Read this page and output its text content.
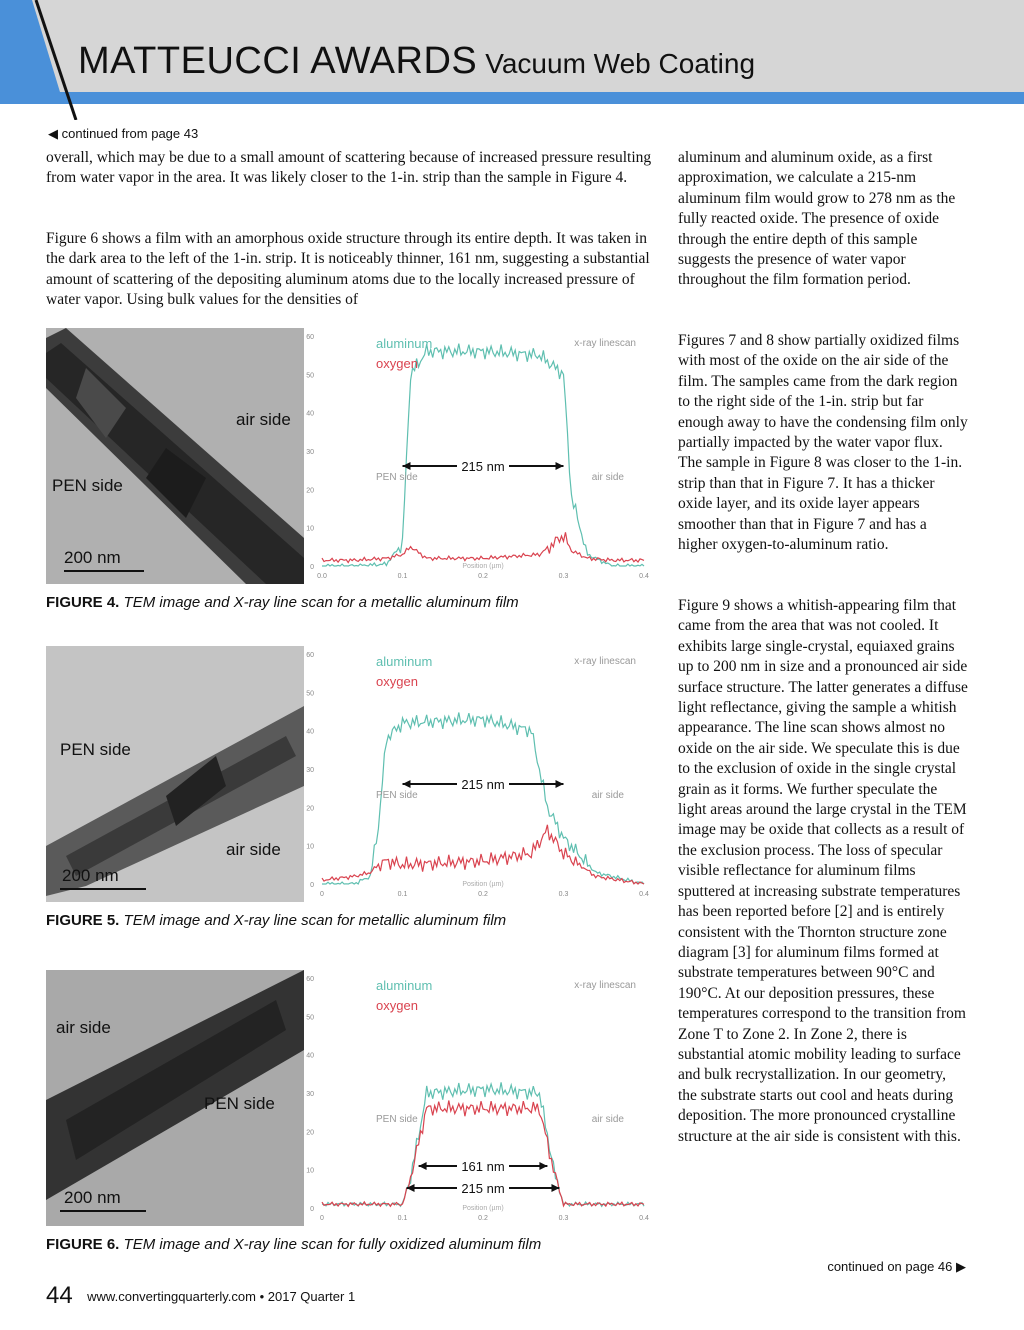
MATTEUCCI AWARDS Vacuum Web Coating
◀ continued from page 43
overall, which may be due to a small amount of scattering because of increased pressure resulting from water vapor in the area. It was likely closer to the 1-in. strip than the sample in Figure 4.
Figure 6 shows a film with an amorphous oxide structure through its entire depth. It was taken in the dark area to the left of the 1-in. strip. It is noticeably thinner, 161 nm, suggesting a substantial amount of scattering of the depositing aluminum atoms due to the locally increased pressure of water vapor. Using bulk values for the densities of
air side
PEN side
200 nm
0
10
20
30
40
50
60
0.0	0.1	0.2	0.3	0.4
Position (µm)
aluminum
oxygen
x-ray linescan
PEN side	air side
215 nm
FIGURE 4. TEM image and X-ray line scan for a metallic aluminum film
PEN side
air side
200 nm
0
10
20
30
40
50
60
0	0.1	0.2	0.3	0.4
Position (µm)
aluminum
oxygen
x-ray linescan
PEN side	air side
215 nm
FIGURE 5. TEM image and X-ray line scan for metallic aluminum film
air side
PEN side
200 nm
0
10
20
30
40
50
60
0	0.1	0.2	0.3	0.4
Position (µm)
aluminum
oxygen
x-ray linescan
PEN side	air side
161 nm
215 nm
FIGURE 6. TEM image and X-ray line scan for fully oxidized aluminum film
aluminum and aluminum oxide, as a first approximation, we calculate a 215-nm aluminum film would grow to 278 nm as the fully reacted oxide. The presence of oxide through the entire depth of this sample suggests the presence of water vapor throughout the film formation period.
Figures 7 and 8 show partially oxidized films with most of the oxide on the air side of the film. The samples came from the dark region to the right side of the 1-in. strip but far enough away to have the condensing film only partially impacted by the water vapor flux. The sample in Figure 8 was closer to the 1-in. strip than that in Figure 7. It has a thicker oxide layer, and its oxide layer appears smoother than that in Figure 7 and has a higher oxygen-to-aluminum ratio.
Figure 9 shows a whitish-appearing film that came from the area that was not cooled. It exhibits large single-crystal, equiaxed grains up to 200 nm in size and a pronounced air side surface structure. The latter generates a diffuse light reflectance, giving the sample a whitish appearance. The line scan shows almost no oxide on the air side. We speculate this is due to the exclusion of oxide in the single crystal grain as it forms. We further speculate the light areas around the large crystal in the TEM image may be oxide that collects as a result of the exclusion process. The loss of specular visible reflectance for aluminum films sputtered at increasing substrate temperatures has been reported before [2] and is entirely consistent with the Thornton structure zone diagram [3] for aluminum films formed at substrate temperatures between 90°C and 190°C. At our deposition pressures, these temperatures correspond to the transition from Zone T to Zone 2. In Zone 2, there is substantial atomic mobility leading to surface and bulk recrystallization. In our geometry, the substrate starts out cool and heats during deposition. The more pronounced crystalline structure at the air side is consistent with this.
continued on page 46 ▶
44 www.convertingquarterly.com • 2017 Quarter 1
